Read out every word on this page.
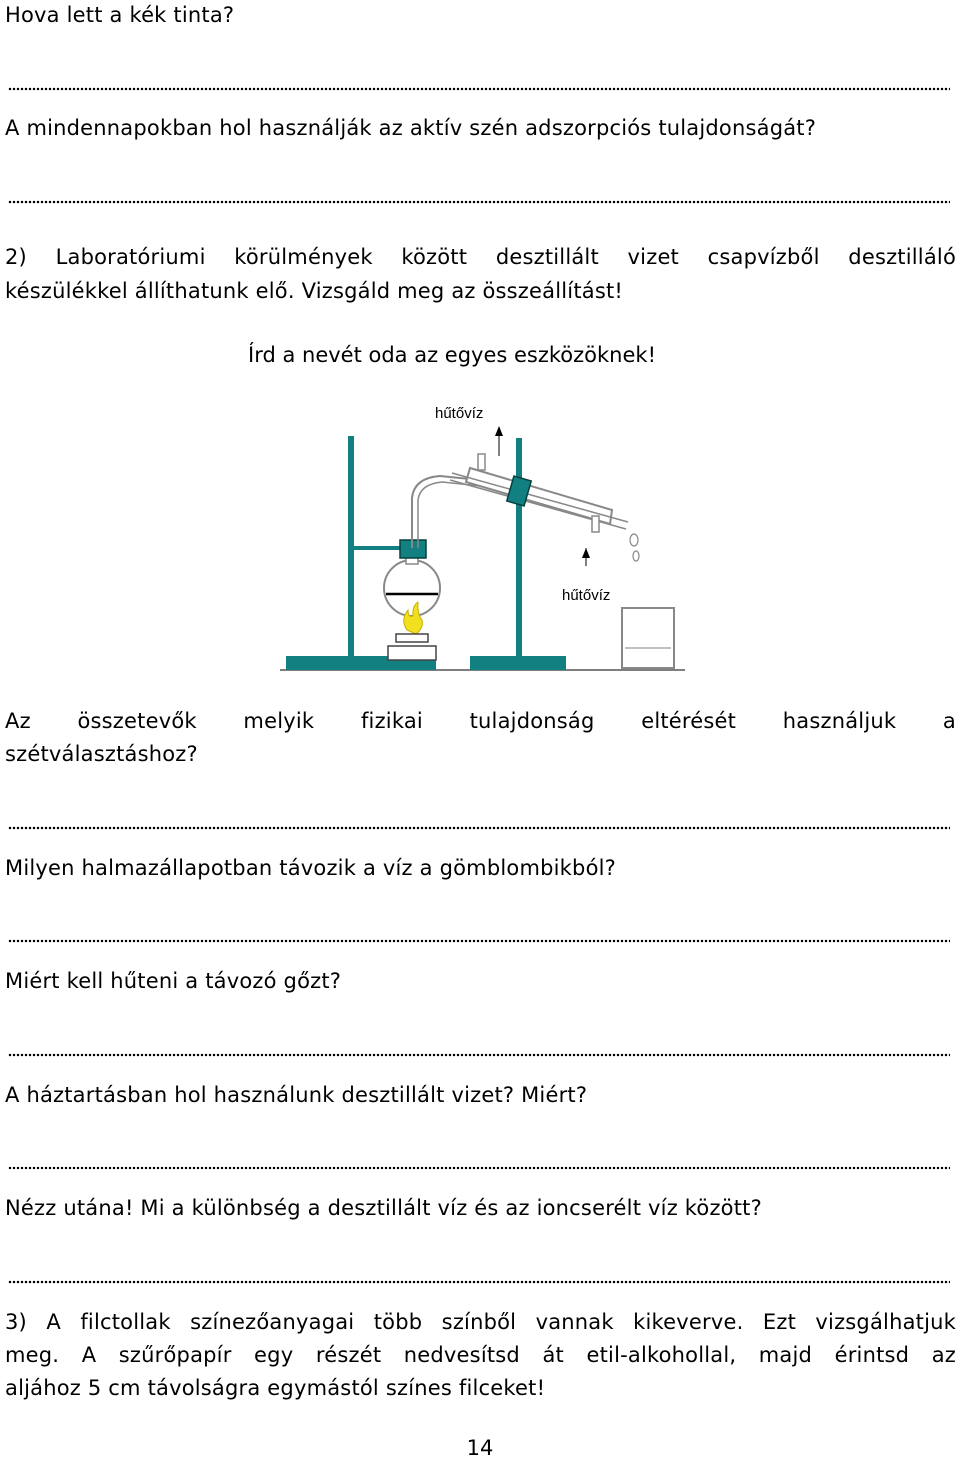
Hova lett a kék tinta?
A mindennapokban hol használják az aktív szén adszorpciós tulajdonságát?
2) Laboratóriumi körülmények között desztillált vizet csapvízből desztilláló
készülékkel állíthatunk elő. Vizsgáld meg az összeállítást!
Írd a nevét oda az egyes eszközöknek!
hűtővíz
hűtővíz
Az összetevők melyik fizikai tulajdonság eltérését használjuk a
szétválasztáshoz?
Milyen halmazállapotban távozik a víz a gömblombikból?
Miért kell hűteni a távozó gőzt?
A háztartásban hol használunk desztillált vizet? Miért?
Nézz utána! Mi a különbség a desztillált víz és az ioncserélt víz között?
3) A filctollak színezőanyagai több színből vannak kikeverve. Ezt vizsgálhatjuk
meg. A szűrőpapír egy részét nedvesítsd át etil-alkohollal, majd érintsd az
aljához 5 cm távolságra egymástól színes filceket!
14
